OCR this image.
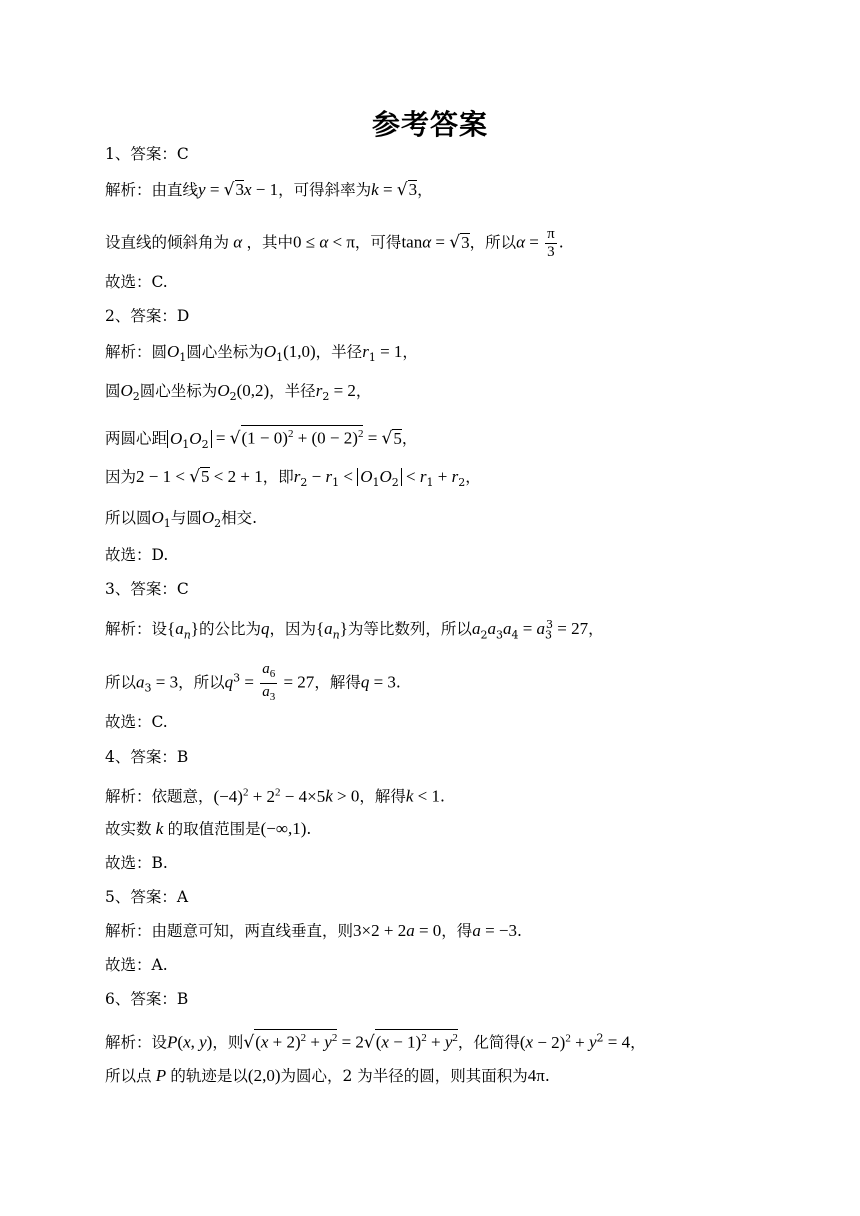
参考答案
1、答案：C
解析：由直线y = √3x − 1，可得斜率为k = √3，
设直线的倾斜角为 α ，其中0 ≤ α < π，可得tanα = √3，所以$\alpha = \frac{\pi}{3}$ .
故选：C.
2、答案：D
解析：圆$O_1$圆心坐标为$O_1(1,0)$，半径$r_1 = 1$，
圆$O_2$圆心坐标为$O_2(0,2)$，半径$r_2 = 2$，
两圆心距 $O_1O_2 = √(1 - 0)^2 + (0 - 2)^2 = √5$，
因为2 − 1 < √5 < 2 + 1，即$r_2 - r_1 < O_1O_2 < r_1 + r_2$，
所以圆$O_1$与圆$O_2$相交.
故选：D.
3、答案：C
解析：设$\{a_n\}$的公比为q，因为$\{a_n\}$为等比数列，所以$a_2a_3a_4 = a_3^3 = 27$，
所以$a_3 = 3$，所以$q^3 = \frac{a_6}{a_3} = 27$，解得q = 3.
故选：C.
4、答案：B
解析：依题意，$(-4)^2 + 2^2 - 4\times 5k > 0$，解得k < 1.
故实数 k 的取值范围是(−∞,1).
故选：B.
5、答案：A
解析：由题意可知，两直线垂直，则3×2 + 2a = 0，得a = −3.
故选：A.
6、答案：B
解析：设P(x, y)，则$√(x + 2)^2 + y^2 = 2√(x - 1)^2 + y^2$，化简得$(x - 2)^2 + y^2 = 4$，
所以点 P 的轨迹是以(2,0)为圆心，2 为半径的圆，则其面积为4π.
